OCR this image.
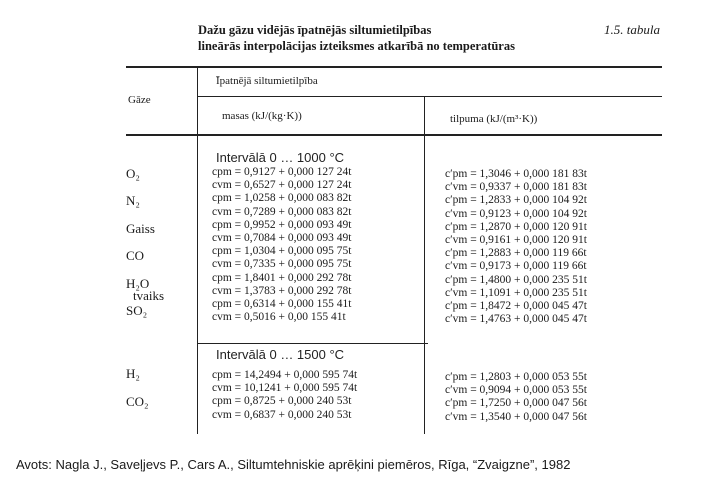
Dažu gāzu vidējās īpatnējās siltumietilpības
lineārās interpolācijas izteiksmes atkarībā no temperatūras
1.5. tabula
Gāze
Īpatnējā siltumietilpība
masas (kJ/(kg·K))	tilpuma (kJ/(m³·K))
Intervālā 0 … 1000 °C
O₂
N₂
Gaiss
CO
H₂O
tvaiks
SO₂
cpm = 0,9127 + 0,000 127 24t
cvm = 0,6527 + 0,000 127 24t
cpm = 1,0258 + 0,000 083 82t
cvm = 0,7289 + 0,000 083 82t
cpm = 0,9952 + 0,000 093 49t
cvm = 0,7084 + 0,000 093 49t
cpm = 1,0304 + 0,000 095 75t
cvm = 0,7335 + 0,000 095 75t
cpm = 1,8401 + 0,000 292 78t
cvm = 1,3783 + 0,000 292 78t
cpm = 0,6314 + 0,000 155 41t
cvm = 0,5016 + 0,00 155 41t
c′pm = 1,3046 + 0,000 181 83t
c′vm = 0,9337 + 0,000 181 83t
c′pm = 1,2833 + 0,000 104 92t
c′vm = 0,9123 + 0,000 104 92t
c′pm = 1,2870 + 0,000 120 91t
c′vm = 0,9161 + 0,000 120 91t
c′pm = 1,2883 + 0,000 119 66t
c′vm = 0,9173 + 0,000 119 66t
c′pm = 1,4800 + 0,000 235 51t
c′vm = 1,1091 + 0,000 235 51t
c′pm = 1,8472 + 0,000 045 47t
c′vm = 1,4763 + 0,000 045 47t
Intervālā 0 … 1500 °C
H₂
CO₂
cpm = 14,2494 + 0,000 595 74t
cvm = 10,1241 + 0,000 595 74t
cpm = 0,8725 + 0,000 240 53t
cvm = 0,6837 + 0,000 240 53t
c′pm = 1,2803 + 0,000 053 55t
c′vm = 0,9094 + 0,000 053 55t
c′pm = 1,7250 + 0,000 047 56t
c′vm = 1,3540 + 0,000 047 56t
Avots: Nagla J., Saveļjevs P., Cars A., Siltumtehniskie aprēķini piemēros, Rīga, “Zvaigzne”, 1982
